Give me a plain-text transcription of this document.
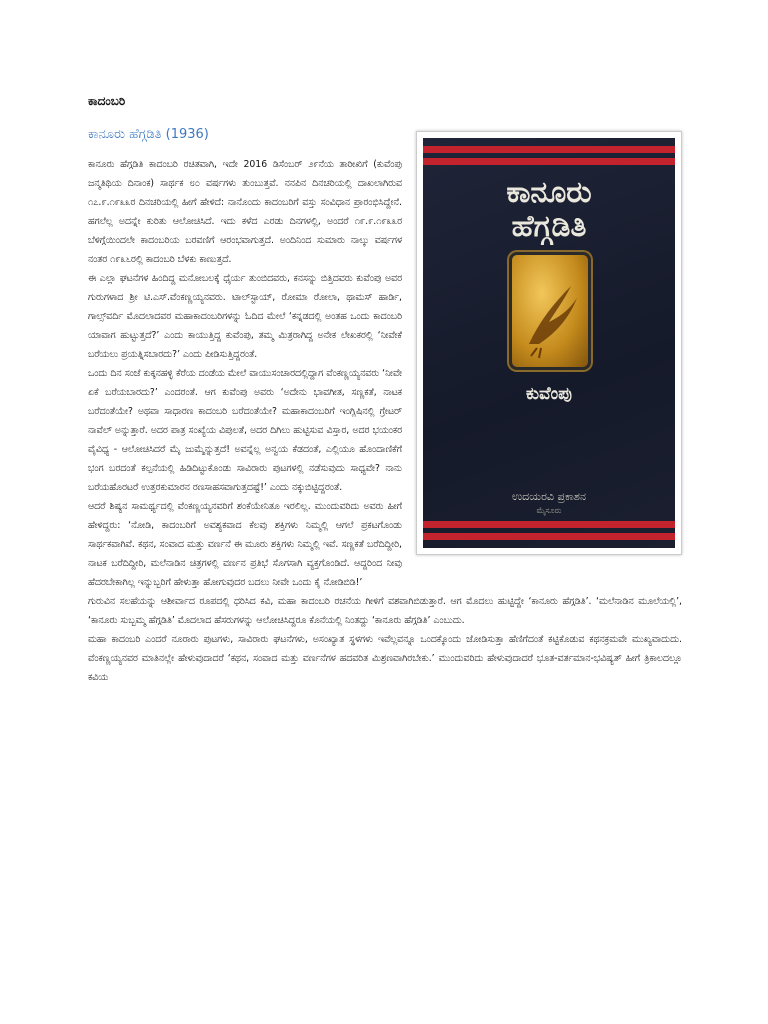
ಕಾದಂಬರಿ
ಕಾನೂರು
ಹೆಗ್ಗಡಿತಿ
ಕುವೆಂಪು
ಉದಯರವಿ ಪ್ರಕಾಶನ
ಮೈಸೂರು
ಕಾನೂರು ಹೆಗ್ಗಡಿತಿ (1936)

ಕಾನೂರು ಹೆಗ್ಗಡಿತಿ ಕಾದಂಬರಿ ರಚಿತವಾಗಿ, ಇದೇ 2016 ಡಿಸೆಂಬರ್ ೨೯ನೆಯ ತಾರೀಖಿಗೆ (ಕುವೆಂಪು ಜನ್ಮತಿಥಿಯ ದಿನಾಂಕ) ಸಾರ್ಥಕ ೮೦ ವರ್ಷಗಳು ತುಂಬುತ್ತವೆ. ನನಪಿನ ದಿನಚರಿಯಲ್ಲಿ ದಾಖಲಾಗಿರುವ ೧೭.೯.೧೯೩೩ರ ದಿನಚರಿಯಲ್ಲಿ ಹೀಗೆ ಹೇಳಿದೆ: ನಾನೊಂದು ಕಾದಂಬರಿಗೆ ವಸ್ತು ಸಂವಿಧಾನ ಪ್ರಾರಂಭಿಸಿದ್ದೇನೆ. ಹಗಲೆಲ್ಲ ಅದನ್ನೇ ಕುರಿತು ಆಲೋಚಿಸಿದೆ. ಇದು ಕಳೆದ ಎರಡು ದಿನಗಳಲ್ಲಿ, ಅಂದರೆ ೧೯.೯.೧೯೩೩ರ ಬೆಳಿಗ್ಗೆಯಿಂದಲೇ ಕಾದಂಬರಿಯ ಬರವಣಿಗೆ ಆರಂಭವಾಗುತ್ತದೆ. ಅಂದಿನಿಂದ ಸುಮಾರು ನಾಲ್ಕು ವರ್ಷಗಳ ನಂತರ ೧೯೩೬ರಲ್ಲಿ ಕಾದಂಬರಿ ಬೆಳಕು ಕಾಣುತ್ತದೆ.

ಈ ಎಲ್ಲಾ ಘಟನೆಗಳ ಹಿಂದಿದ್ದ ಮನೋಬಲಕ್ಕೆ ಧೈರ್ಯ ತುಂಬಿದವರು, ಕನಸನ್ನು ಬಿತ್ತಿದವರು ಕುವೆಂಪು ಅವರ ಗುರುಗಳಾದ ಶ್ರೀ ಟಿ.ಎಸ್.ವೆಂಕಣ್ಣಯ್ಯನವರು. ಟಾಲ್‌ಸ್ಟಾಯ್, ರೋಮಾ ರೋಲಾ, ಥಾಮಸ್ ಹಾರ್ಡಿ, ಗಾಲ್ಸ್‌ವರ್ದಿ ಮೊದಲಾದವರ ಮಹಾಕಾದಂಬರಿಗಳನ್ನು ಓದಿದ ಮೇಲೆ ‘ಕನ್ನಡದಲ್ಲಿ ಅಂತಹ ಒಂದು ಕಾದಂಬರಿ ಯಾವಾಗ ಹುಟ್ಟುತ್ತದೆ?’ ಎಂದು ಕಾಯುತ್ತಿದ್ದ ಕುವೆಂಪು, ತಮ್ಮ ಮಿತ್ರರಾಗಿದ್ದ ಅನೇಕ ಲೇಖಕರಲ್ಲಿ ‘ನೀವೇಕೆ ಬರೆಯಲು ಪ್ರಯತ್ನಿಸಬಾರದು?’ ಎಂದು ಪೀಡಿಸುತ್ತಿದ್ದರಂತೆ.

ಒಂದು ದಿನ ಸಂಜೆ ಕುಕ್ಕನಹಳ್ಳಿ ಕೆರೆಯ ದಂಡೆಯ ಮೇಲೆ ವಾಯುಸಂಚಾರದಲ್ಲಿದ್ದಾಗ ವೆಂಕಣ್ಣಯ್ಯನವರು ‘ನೀವೇ ಏಕೆ ಬರೆಯಬಾರದು?’ ಎಂದರಂತೆ. ಆಗ ಕುವೆಂಪು ಅವರು ‘ಅದೇನು ಭಾವಗೀತ, ಸಣ್ಣಕತೆ, ನಾಟಕ ಬರೆದಂತೆಯೇ? ಅಥವಾ ಸಾಧಾರಣ ಕಾದಂಬರಿ ಬರೆದಂತೆಯೇ? ಮಹಾಕಾದಂಬರಿಗೆ ಇಂಗ್ಲಿಷಿನಲ್ಲಿ ಗ್ರೇಟರ್ ನಾವೆಲ್ ಅನ್ನುತ್ತಾರೆ. ಅದರ ಪಾತ್ರ ಸಂಖ್ಯೆಯ ವಿಪುಲತೆ, ಅದರ ದಿಗಿಲು ಹುಟ್ಟಿಸುವ ವಿಸ್ತಾರ, ಅದರ ಭಯಂಕರ ವೈವಿಧ್ಯ - ಆಲೋಚಿಸಿದರೆ ಮೈ ಜುಮ್ಮೆನ್ನುತ್ತದೆ! ಅವನ್ನೆಲ್ಲ ಅನ್ವಯ ಕೆಡದಂತೆ, ಎಲ್ಲಿಯೂ ಹೊಂದಾಣಿಕೆಗೆ ಭಂಗ ಬರದಂತೆ ಕಲ್ಪನೆಯಲ್ಲಿ ಹಿಡಿದಿಟ್ಟುಕೊಂಡು ಸಾವಿರಾರು ಪುಟಗಳಲ್ಲಿ ನಡೆಸುವುದು ಸಾಧ್ಯವೇ? ನಾನು ಬರೆಯಹೊರಟರೆ ಉತ್ತರಕುಮಾರನ ರಣಸಾಹಸವಾಗುತ್ತದಷ್ಟೆ!’ ಎಂದು ನಕ್ಕುಬಿಟ್ಟಿದ್ದರಂತೆ.

ಆದರೆ ಶಿಷ್ಯನ ಸಾಮರ್ಥ್ಯದಲ್ಲಿ ವೆಂಕಣ್ಣಯ್ಯನವರಿಗೆ ಶಂಕೆಯೇನಿತೂ ಇರಲಿಲ್ಲ. ಮುಂದುವರಿದು ಅವರು ಹೀಗೆ ಹೇಳಿದ್ದರು: ‘ನೋಡಿ, ಕಾದಂಬರಿಗೆ ಅವಶ್ಯಕವಾದ ಕೆಲವು ಶಕ್ತಿಗಳು ನಿಮ್ಮಲ್ಲಿ ಆಗಲೆ ಪ್ರಕಟಗೊಂಡು ಸಾರ್ಥಕವಾಗಿವೆ. ಕಥನ, ಸಂವಾದ ಮತ್ತು ವರ್ಣನೆ ಈ ಮೂರು ಶಕ್ತಿಗಳು ನಿಮ್ಮಲ್ಲಿ ಇವೆ. ಸಣ್ಣಕತೆ ಬರೆದಿದ್ದೀರಿ, ನಾಟಕ ಬರೆದಿದ್ದೀರಿ, ಮಲೆನಾಡಿನ ಚಿತ್ರಗಳಲ್ಲಿ ವರ್ಣನ ಪ್ರತಿಭೆ ಸೊಗಸಾಗಿ ವ್ಯಕ್ತಗೊಂಡಿದೆ. ಆದ್ದರಿಂದ ನೀವು ಹೆದರಬೇಕಾಗಿಲ್ಲ ಇನ್ನುಬ್ಬರಿಗೆ ಹೇಳುತ್ತಾ ಹೋಗುವುದರ ಬದಲು ನೀವೇ ಒಂದು ಕೈ ನೋಡಿಬಿಡಿ!’

ಗುರುವಿನ ಸಲಹೆಯನ್ನು ಆಶೀರ್ವಾದ ರೂಪದಲ್ಲಿ ಧರಿಸಿದ ಕವಿ, ಮಹಾ ಕಾದಂಬರಿ ರಚನೆಯ ಗೀಳಿಗೆ ವಶವಾಗಿಬಿಡುತ್ತಾರೆ. ಆಗ ಮೊದಲು ಹುಟ್ಟಿದ್ದೇ ‘ಕಾನೂರು ಹೆಗ್ಗಡಿತಿ’. ‘ಮಲೆನಾಡಿನ ಮೂಲೆಯಲ್ಲಿ’, ‘ಕಾನೂರು ಸುಬ್ಬಮ್ಮ ಹೆಗ್ಗಡಿತಿ’ ಮೊದಲಾದ ಹೆಸರುಗಳನ್ನು ಆಲೋಚಿಸಿದ್ದರೂ ಕೊನೆಯಲ್ಲಿ ನಿಂತದ್ದು ‘ಕಾನೂರು ಹೆಗ್ಗಡಿತಿ’ ಎಂಬುದು.

ಮಹಾ ಕಾದಂಬರಿ ಎಂದರೆ ನೂರಾರು ಪುಟಗಳು, ಸಾವಿರಾರು ಘಟನೆಗಳು, ಅಸಂಖ್ಯಾತ ಸ್ಥಳಗಳು ಇವೆಲ್ಲವನ್ನೂ ಒಂದಕ್ಕೊಂದು ಜೋಡಿಸುತ್ತಾ ಹೆಣಿಗೆದಂತೆ ಕಟ್ಟಿಕೊಡುವ ಕಥನಕ್ರಮವೇ ಮುಖ್ಯವಾದುದು. ವೆಂಕಣ್ಣಯ್ಯನವರ ಮಾತಿನಲ್ಲೇ ಹೇಳುವುದಾದರೆ ‘ಕಥನ, ಸಂವಾದ ಮತ್ತು ವರ್ಣನೆಗಳ ಹದವರಿತ ಮಿಶ್ರಣವಾಗಿರಬೇಕು.’ ಮುಂದುವರಿದು ಹೇಳುವುದಾದರೆ ಭೂತ-ವರ್ತಮಾನ-ಭವಿಷ್ಯತ್ ಹೀಗೆ ತ್ರಿಕಾಲದಲ್ಲೂ ಕವಿಯ
